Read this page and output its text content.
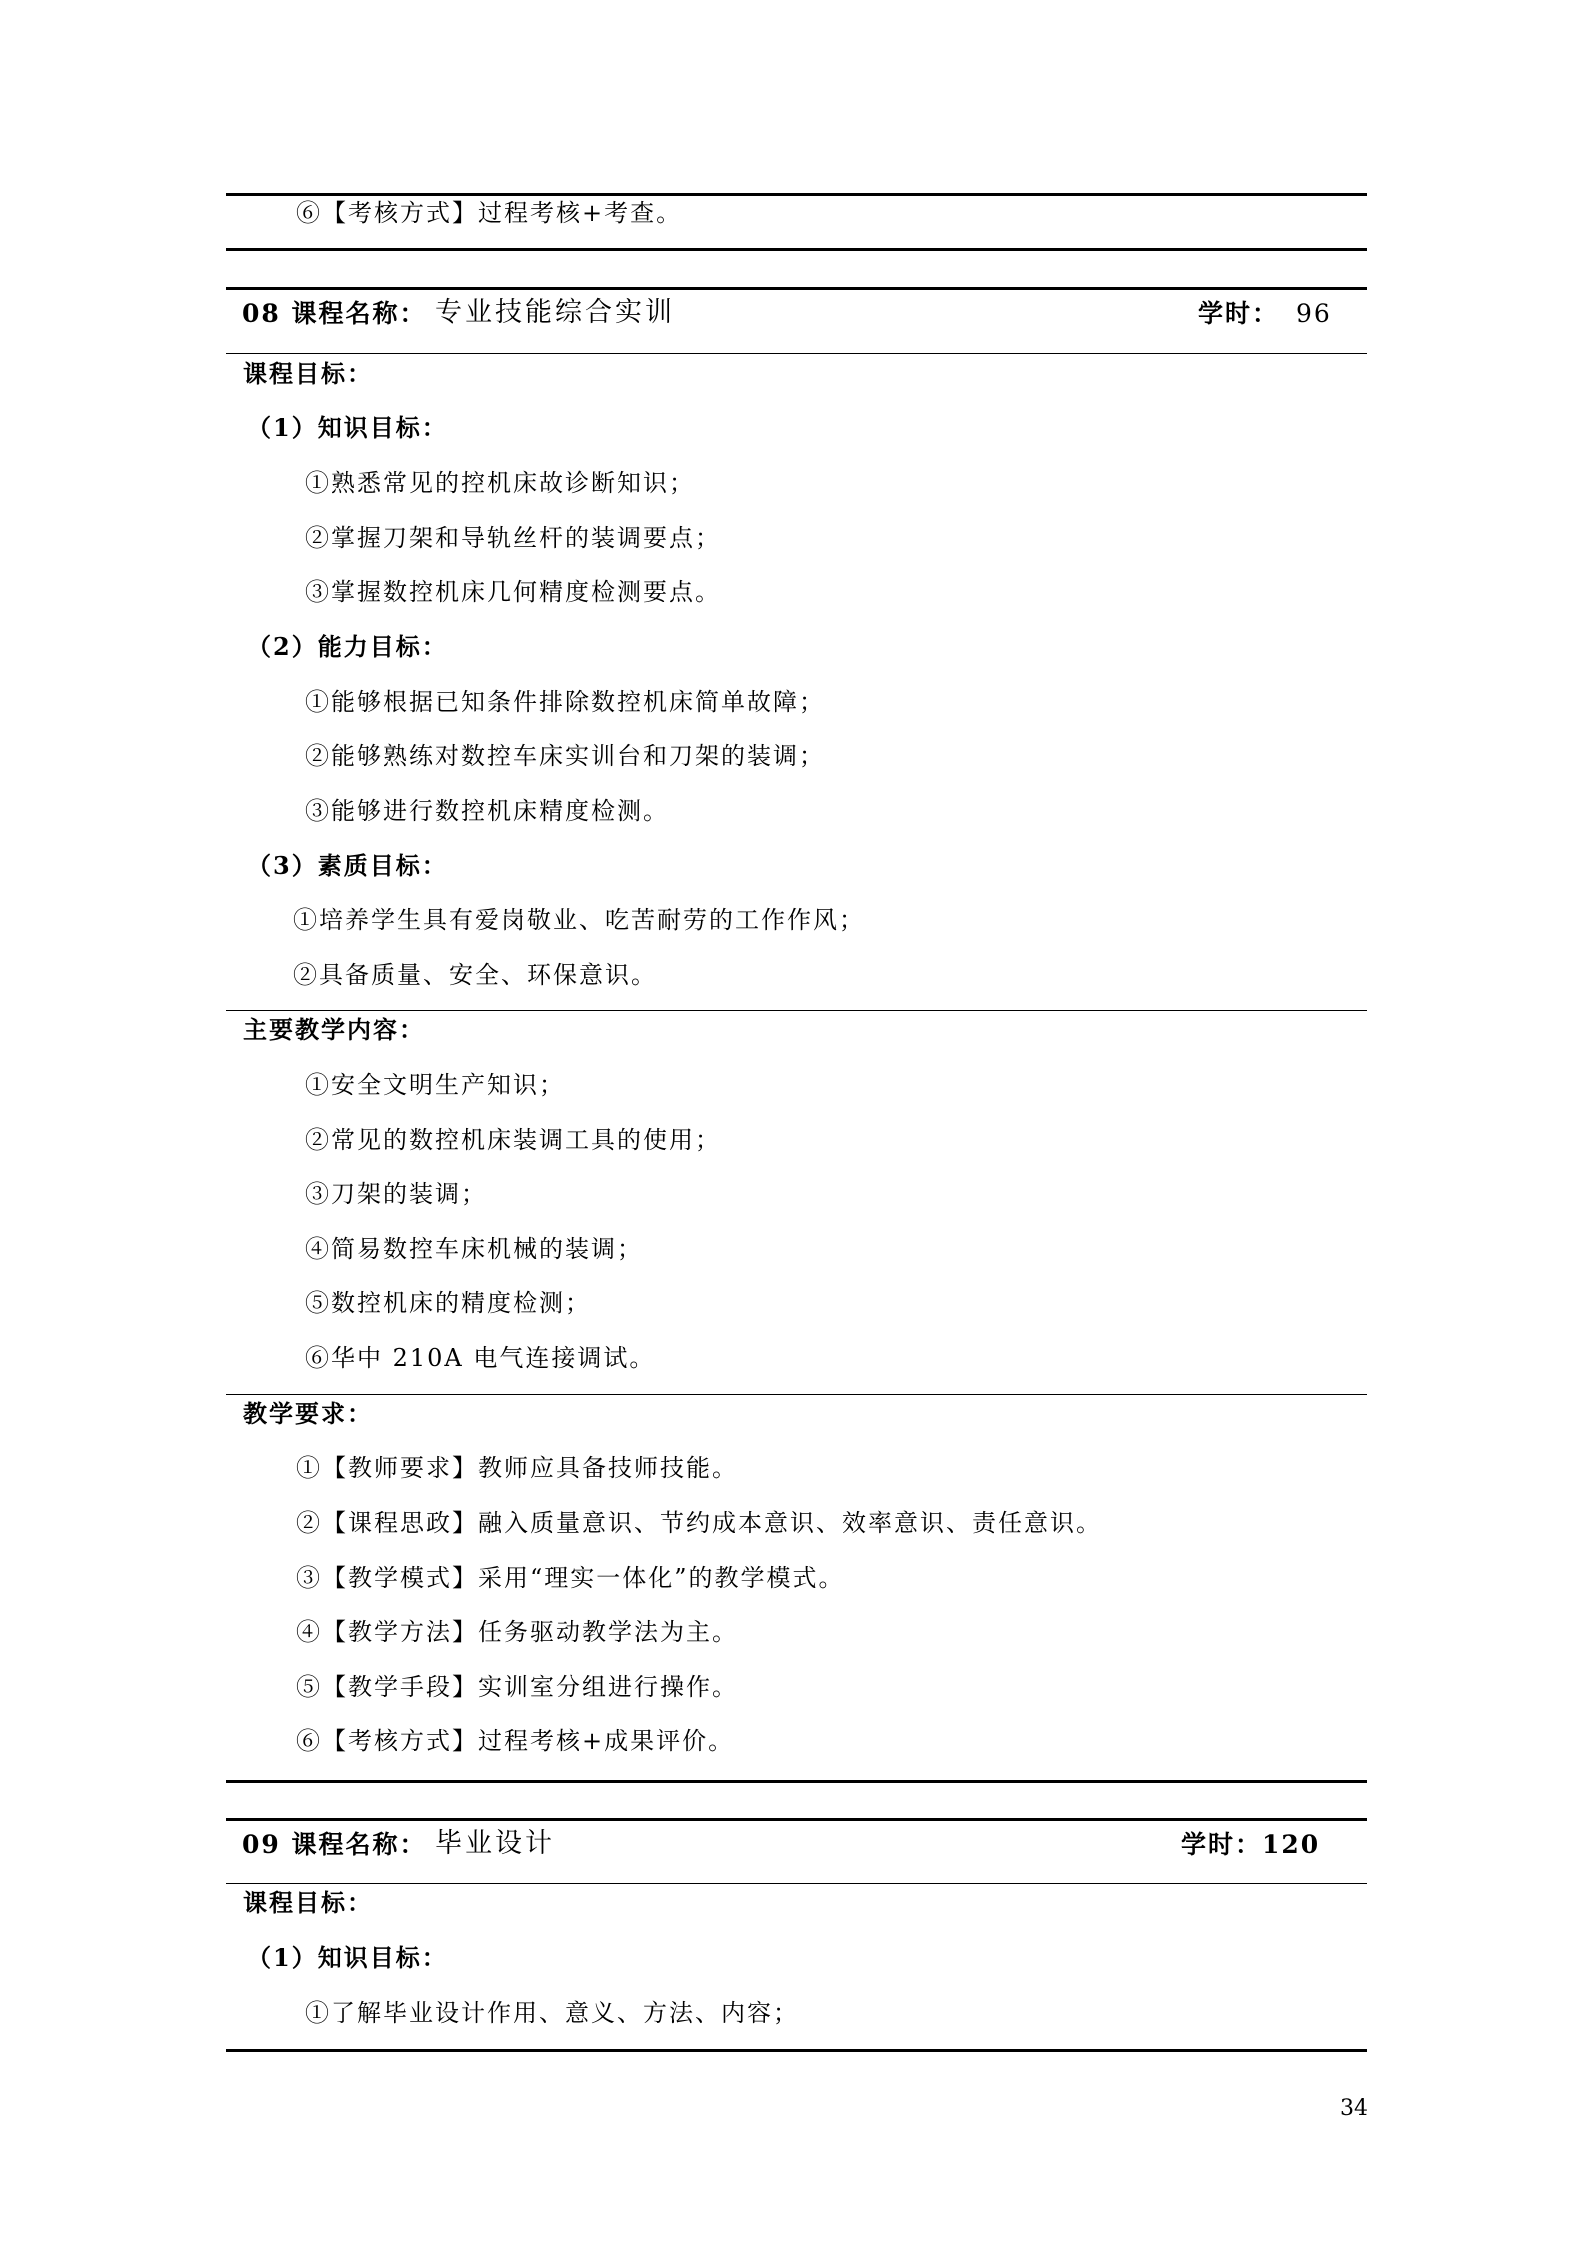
⑥【考核方式】过程考核+考查。
08 课程名称： 专业技能综合实训	学时： 96
课程目标：
（1）知识目标：
①熟悉常见的控机床故诊断知识；
②掌握刀架和导轨丝杆的装调要点；
③掌握数控机床几何精度检测要点。
（2）能力目标：
①能够根据已知条件排除数控机床简单故障；
②能够熟练对数控车床实训台和刀架的装调；
③能够进行数控机床精度检测。
（3）素质目标：
①培养学生具有爱岗敬业、吃苦耐劳的工作作风；
②具备质量、安全、环保意识。
主要教学内容：
①安全文明生产知识；
②常见的数控机床装调工具的使用；
③刀架的装调；
④简易数控车床机械的装调；
⑤数控机床的精度检测；
⑥华中 210A 电气连接调试。
教学要求：
①【教师要求】教师应具备技师技能。
②【课程思政】融入质量意识、节约成本意识、效率意识、责任意识。
③【教学模式】采用“理实一体化”的教学模式。
④【教学方法】任务驱动教学法为主。
⑤【教学手段】实训室分组进行操作。
⑥【考核方式】过程考核+成果评价。
09 课程名称： 毕业设计	学时： 120
课程目标：
（1）知识目标：
①了解毕业设计作用、意义、方法、内容；
34
